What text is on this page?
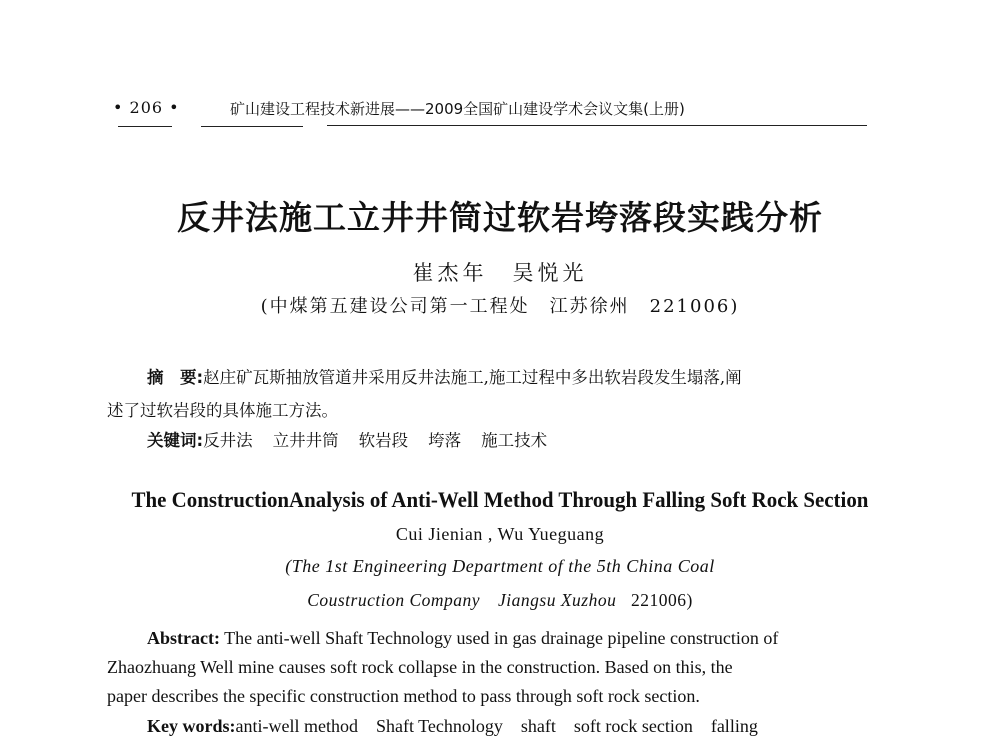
• 206 •	矿山建设工程技术新进展——2009全国矿山建设学术会议文集(上册)
反井法施工立井井筒过软岩垮落段实践分析
崔杰年　吴悦光
(中煤第五建设公司第一工程处　江苏徐州　221006)
摘　要:赵庄矿瓦斯抽放管道井采用反井法施工,施工过程中多出软岩段发生塌落,阐
述了过软岩段的具体施工方法。
关键词:反井法 立井井筒 软岩段 垮落 施工技术
The ConstructionAnalysis of Anti-Well Method Through Falling Soft Rock Section
Cui Jienian , Wu Yueguang
(The 1st Engineering Department of the 5th China Coal
Coustruction Company　Jiangsu Xuzhou 221006)
Abstract: The anti-well Shaft Technology used in gas drainage pipeline construction of
Zhaozhuang Well mine causes soft rock collapse in the construction. Based on this, the
paper describes the specific construction method to pass through soft rock section.
Key words:anti-well method Shaft Technology shaft soft rock section falling
